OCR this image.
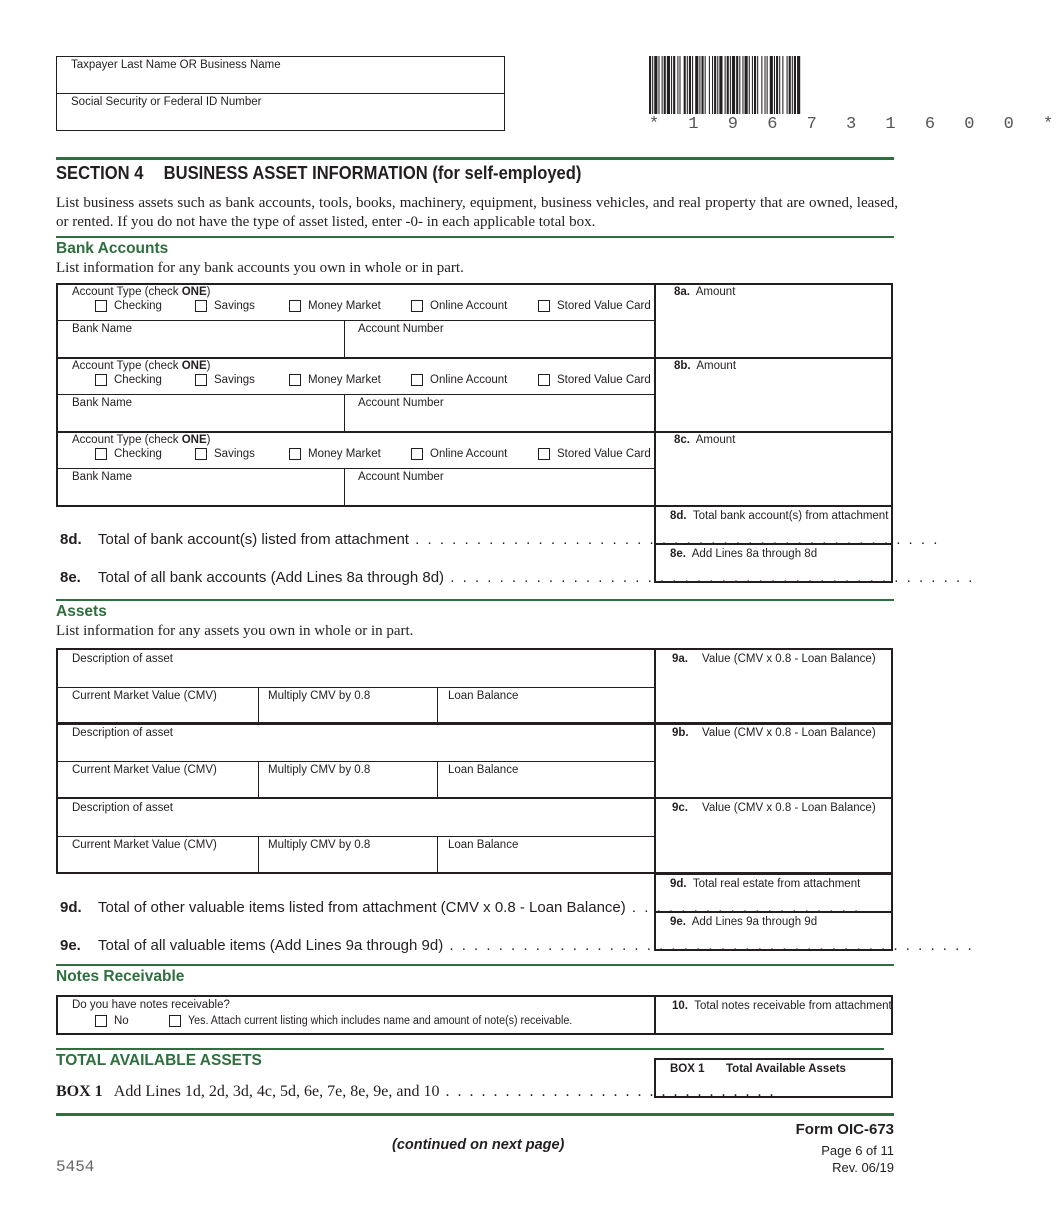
Taxpayer Last Name OR Business Name
Social Security or Federal ID Number
* 1 9 6 7 3 1 6 0 0 *
SECTION 4 BUSINESS ASSET INFORMATION (for self-employed)
List business assets such as bank accounts, tools, books, machinery, equipment, business vehicles, and real property that are owned, leased, or rented. If you do not have the type of asset listed, enter -0- in each applicable total box.
Bank Accounts
List information for any bank accounts you own in whole or in part.
Account Type (check ONE)
Checking	Savings	Money Market	Online Account	Stored Value Card
Bank Name	Account Number
8a. Amount
Account Type (check ONE)
Checking	Savings	Money Market	Online Account	Stored Value Card
Bank Name	Account Number
8b. Amount
Account Type (check ONE)
Checking	Savings	Money Market	Online Account	Stored Value Card
Bank Name	Account Number
8c. Amount
8d. Total bank account(s) from attachment
8e. Add Lines 8a through 8d
8d. Total of bank account(s) listed from attachment . . . . . . . . . . . . . . . . . . . . . . . . . . . . . . . . . . . . . . . . . . .
8e. Total of all bank accounts (Add Lines 8a through 8d) . . . . . . . . . . . . . . . . . . . . . . . . . . . . . . . . . . . . . . . . . . .
Assets
List information for any assets you own in whole or in part.
Description of asset
Current Market Value (CMV)	Multiply CMV by 0.8	Loan Balance
9a. Value (CMV x 0.8 - Loan Balance)
Description of asset
Current Market Value (CMV)	Multiply CMV by 0.8	Loan Balance
9b. Value (CMV x 0.8 - Loan Balance)
Description of asset
Current Market Value (CMV)	Multiply CMV by 0.8	Loan Balance
9c. Value (CMV x 0.8 - Loan Balance)
9d. Total real estate from attachment
9e. Add Lines 9a through 9d
9d. Total of other valuable items listed from attachment (CMV x 0.8 - Loan Balance) . . . . . . . . . . . . . . . . . . .
9e. Total of all valuable items (Add Lines 9a through 9d) . . . . . . . . . . . . . . . . . . . . . . . . . . . . . . . . . . . . . . . . . . .
Notes Receivable
Do you have notes receivable?
No	Yes. Attach current listing which includes name and amount of note(s) receivable.
10. Total notes receivable from attachment
TOTAL AVAILABLE ASSETS	BOX 1 Total Available Assets
BOX 1 Add Lines 1d, 2d, 3d, 4c, 5d, 6e, 7e, 8e, 9e, and 10 . . . . . . . . . . . . . . . . . . . . . . . . . . . .
(continued on next page)
Form OIC-673
Page 6 of 11
Rev. 06/19
5454
